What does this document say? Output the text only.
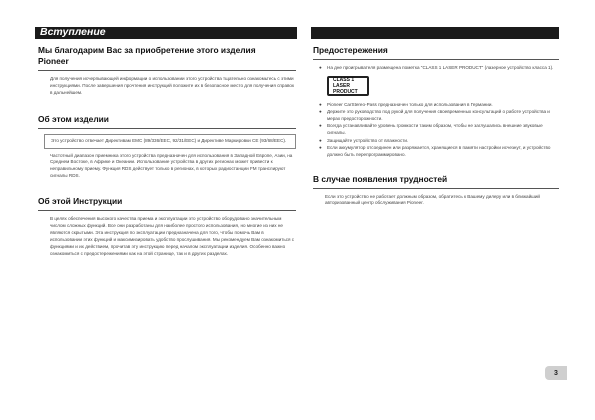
Вступление
Мы благодарим Вас за приобретение этого изделия
Pioneer

Для получения исчерпывающей информации о использовании этого устройства тщательно ознакомьтесь с этими инструкциями. После завершения прочтения инструкций положите их в безопасное место для получения справок в дальнейшем.

Об этом изделии
Это устройство отвечает Директивам EMC (89/336/EEC, 92/31/EEC) и Директиве Маркировки CE (93/68/EEC).

Частотный диапазон приемника этого устройства предназначен для использования в Западной Европе, Азии, на Среднем Востоке, в Африке и Океании. Использование устройства в других регионах может привести к неправильному приему. Функция RDS действует только в регионах, в которых радиостанции FM транслируют сигналы RDS.

Об этой Инструкции

В целях обеспечения высокого качества приема и эксплуатации это устройство оборудовано значительным числом сложных функций. Все они разработаны для наиболее простого использования, но многие из них не являются скрытыми. Эта инструкция по эксплуатации предназначена для того, чтобы помочь Вам в использовании этих функций и максимизировать удобство прослушивания. Мы рекомендуем Вам ознакомиться с функциями и их действием, прочитав эту инструкцию перед началом эксплуатации изделия. Особенно важно ознакомиться с предостережениями как на этой странице, так и в других разделах.

Предостережения
● На дне проигрывателя размещена пометка "CLASS 1 LASER PRODUCT" (лазерное устройство класса 1).
CLASS 1
LASER PRODUCT
● Pioneer CarStereo-Pass предназначен только для использования в Германии.
● Держите это руководство под рукой для получения своевременных консультаций о работе устройства и мерах предосторожности.
● Всегда устанавливайте уровень громкости таким образом, чтобы не заглушались внешние звуковые сигналы.
● Защищайте устройство от влажности.
● Если аккумулятор отсоединен или разряжается, хранящиеся в памяти настройки исчезнут, и устройство должно быть перепрограммировано.
В случае появления трудностей

Если это устройство не работает должным образом, обратитесь к Вашему дилеру или в ближайший авторизованный центр обслуживания Pioneer.

3
